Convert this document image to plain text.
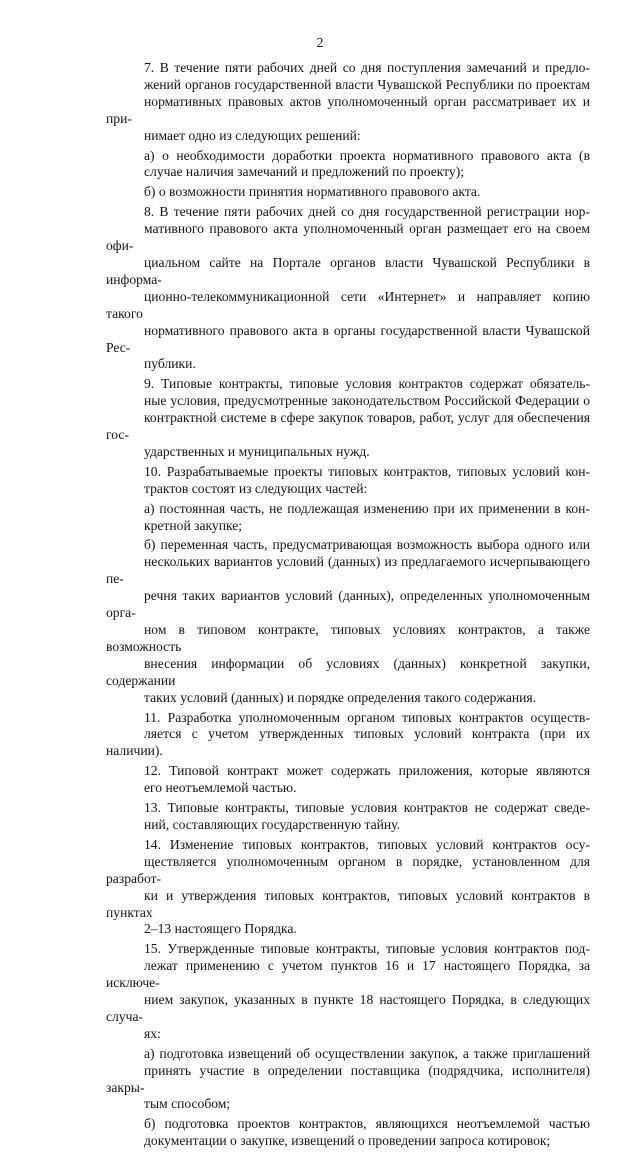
2

7. В течение пяти рабочих дней со дня поступления замечаний и предло-
жений органов государственной власти Чувашской Республики по проектам
нормативных правовых актов уполномоченный орган рассматривает их и при-
нимает одно из следующих решений:

а) о необходимости доработки проекта нормативного правового акта (в
случае наличия замечаний и предложений по проекту);

б) о возможности принятия нормативного правового акта.

8. В течение пяти рабочих дней со дня государственной регистрации нор-
мативного правового акта уполномоченный орган размещает его на своем офи-
циальном сайте на Портале органов власти Чувашской Республики в информа-
ционно-телекоммуникационной сети «Интернет» и направляет копию такого
нормативного правового акта в органы государственной власти Чувашской Рес-
публики.

9. Типовые контракты, типовые условия контрактов содержат обязатель-
ные условия, предусмотренные законодательством Российской Федерации о
контрактной системе в сфере закупок товаров, работ, услуг для обеспечения гос-
ударственных и муниципальных нужд.

10. Разрабатываемые проекты типовых контрактов, типовых условий кон-
трактов состоят из следующих частей:

а) постоянная часть, не подлежащая изменению при их применении в кон-
кретной закупке;

б) переменная часть, предусматривающая возможность выбора одного или
нескольких вариантов условий (данных) из предлагаемого исчерпывающего пе-
речня таких вариантов условий (данных), определенных уполномоченным орга-
ном в типовом контракте, типовых условиях контрактов, а также возможность
внесения информации об условиях (данных) конкретной закупки, содержании
таких условий (данных) и порядке определения такого содержания.

11. Разработка уполномоченным органом типовых контрактов осуществ-
ляется с учетом утвержденных типовых условий контракта (при их наличии).

12. Типовой контракт может содержать приложения, которые являются
его неотъемлемой частью.

13. Типовые контракты, типовые условия контрактов не содержат сведе-
ний, составляющих государственную тайну.

14. Изменение типовых контрактов, типовых условий контрактов осу-
ществляется уполномоченным органом в порядке, установленном для разработ-
ки и утверждения типовых контрактов, типовых условий контрактов в пунктах
2–13 настоящего Порядка.

15. Утвержденные типовые контракты, типовые условия контрактов под-
лежат применению с учетом пунктов 16 и 17 настоящего Порядка, за исключе-
нием закупок, указанных в пункте 18 настоящего Порядка, в следующих случа-
ях:

а) подготовка извещений об осуществлении закупок, а также приглашений
принять участие в определении поставщика (подрядчика, исполнителя) закры-
тым способом;

б) подготовка проектов контрактов, являющихся неотъемлемой частью
документации о закупке, извещений о проведении запроса котировок;
